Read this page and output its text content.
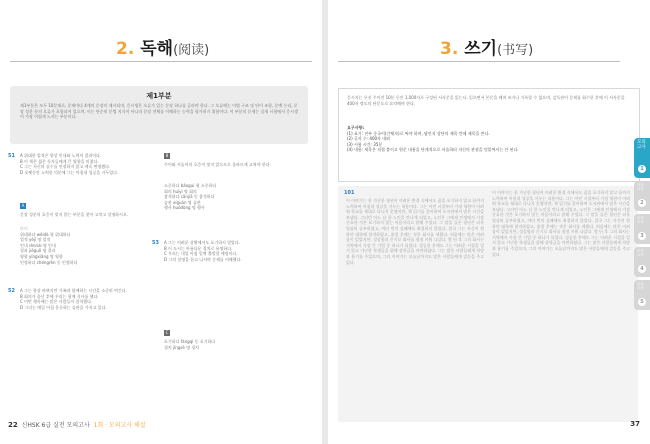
2. 독해(阅读)
제1부분
제1부분은 모두 10문제로, 문제마다 4개의 문장이 제시되며, 응시생은 오류가 있는 문장 하나를 골라야 한다. 그 오류에는 어법 구조 및 단어 조합, 문맥 논리, 문장 성분 등의 오류가 포함되어 있으며, 이는 단순히 문법 지식이 아니라 문장 전체를 이해하는 능력을 평가하기 위함이다. 이 부분의 문제는 실제 시험에서 응시생이 가장 어렵게 느끼는 부분이다.
51 A 위대한 업적은 항상 인내와 노력의 결과이다.
B 이 책은 젊은 독자들에게 큰 영향을 미쳤다.
C 그는 자신의 실수를 인정하지 않고 계속 변명했다.
D 오랫동안 노력한 덕분에 그는 마침내 성공을 거두었다.
A
문장 성분의 호응이 맞지 않는 부분을 찾아 고치고 설명하시오.
단어
위대하다 wěidà 형 위대하다
업적 yèjì 명 업적
인내 rěnnài 명 인내
결과 jiéguǒ 명 결과
영향 yǐngxiǎng 명 영향
인정하다 chéngrèn 동 인정하다
52 A 그는 항상 바쁘지만 가족과 함께하는 시간을 소중히 여긴다.
B 회의가 끝난 후에 우리는 함께 식사를 했다.
C 이번 행사에는 많은 사람들이 참석했다.
D 그녀는 매일 아침 운동하는 습관을 가지고 있다.
B
주어와 서술어의 호응이 맞지 않으므로 올바르게 고쳐야 한다.
소중하다 bǎoguì 형 소중하다
회의 huìyì 명 회의
참석하다 cānjiā 동 참석하다
습관 xíguàn 명 습관
행사 huódòng 명 행사
53 A 그는 어려운 상황에서도 포기하지 않았다.
B 이 도시는 아름다운 경치로 유명하다.
C 우리는 내일 아침 일찍 출발할 예정이다.
D 그의 설명을 듣고 나서야 문제를 이해했다.
C
포기하다 fàngqì 동 포기하다
경치 jǐngsè 명 경치
22 신HSK 6급 실전 모의고사 1회 · 모의고사 해설
3. 쓰기(书写)
응시자는 우선 주어진 10분 동안 1,000자로 구성된 서사문을 읽는다. 읽으면서 본문을 베껴 쓰거나 기록할 수 없으며, 감독관이 문제를 회수한 후에 이 서사문을 400자 정도의 단문으로 요약해야 한다.
요구사항:
(1) 표기: 전부 중국어(간체자)로 써야 하며, 답안지 상단의 제목 칸에 제목을 쓴다.
(2) 글자 수: 400자 내외
(3) 시험 시간: 35분
(4) 내용: 제목은 직접 붙이고 원문 내용을 단계적으로 서술하되 자신의 관점을 덧붙여서는 안 된다.
101
이 이야기는 한 가난한 청년이 어려운 환경 속에서도 꿈을 포기하지 않고 끝까지 노력하여 마침내 성공을 거두는 내용이다. 그는 어린 시절부터 가정 형편이 어려워 학교를 제대로 다니지 못했지만, 책 읽기를 좋아하여 도서관에서 많은 시간을 보냈다. 그러던 어느 날 한 노인을 만나게 되었고, 노인은 그에게 인생에서 가장 중요한 것은 포기하지 않는 마음이라고 말해 주었다. 그 말을 들은 청년은 더욱 열심히 공부하였고, 여러 번의 실패에도 좌절하지 않았다. 결국 그는 자신이 원하던 대학에 합격하였고, 졸업 후에는 작은 회사를 세웠다. 처음에는 많은 어려움이 있었지만, 성실함과 끈기로 회사를 점점 키워 나갔다. 몇 년 후 그의 회사는 지역에서 가장 큰 기업 중 하나가 되었다. 성공한 후에도 그는 어려운 시절을 잊지 않고 가난한 학생들을 위해 장학금을 마련하였다. 그는 많은 사람들에게 희망과 용기를 주었으며, 그의 이야기는 오늘날까지도 많은 사람들에게 감동을 주고 있다.
이 이야기는 한 가난한 청년이 어려운 환경 속에서도 꿈을 포기하지 않고 끝까지 노력하여 마침내 성공을 거두는 내용이다. 그는 어린 시절부터 가정 형편이 어려워 학교를 제대로 다니지 못했지만, 책 읽기를 좋아하여 도서관에서 많은 시간을 보냈다. 그러던 어느 날 한 노인을 만나게 되었고, 노인은 그에게 인생에서 가장 중요한 것은 포기하지 않는 마음이라고 말해 주었다. 그 말을 들은 청년은 더욱 열심히 공부하였고, 여러 번의 실패에도 좌절하지 않았다. 결국 그는 자신이 원하던 대학에 합격하였고, 졸업 후에는 작은 회사를 세웠다. 처음에는 많은 어려움이 있었지만, 성실함과 끈기로 회사를 점점 키워 나갔다. 몇 년 후 그의 회사는 지역에서 가장 큰 기업 중 하나가 되었다. 성공한 후에도 그는 어려운 시절을 잊지 않고 가난한 학생들을 위해 장학금을 마련하였다. 그는 많은 사람들에게 희망과 용기를 주었으며, 그의 이야기는 오늘날까지도 많은 사람들에게 감동을 주고 있다.
모의고사
1
모의고사
2
모의고사
3
모의고사
4
모의고사
5
37
